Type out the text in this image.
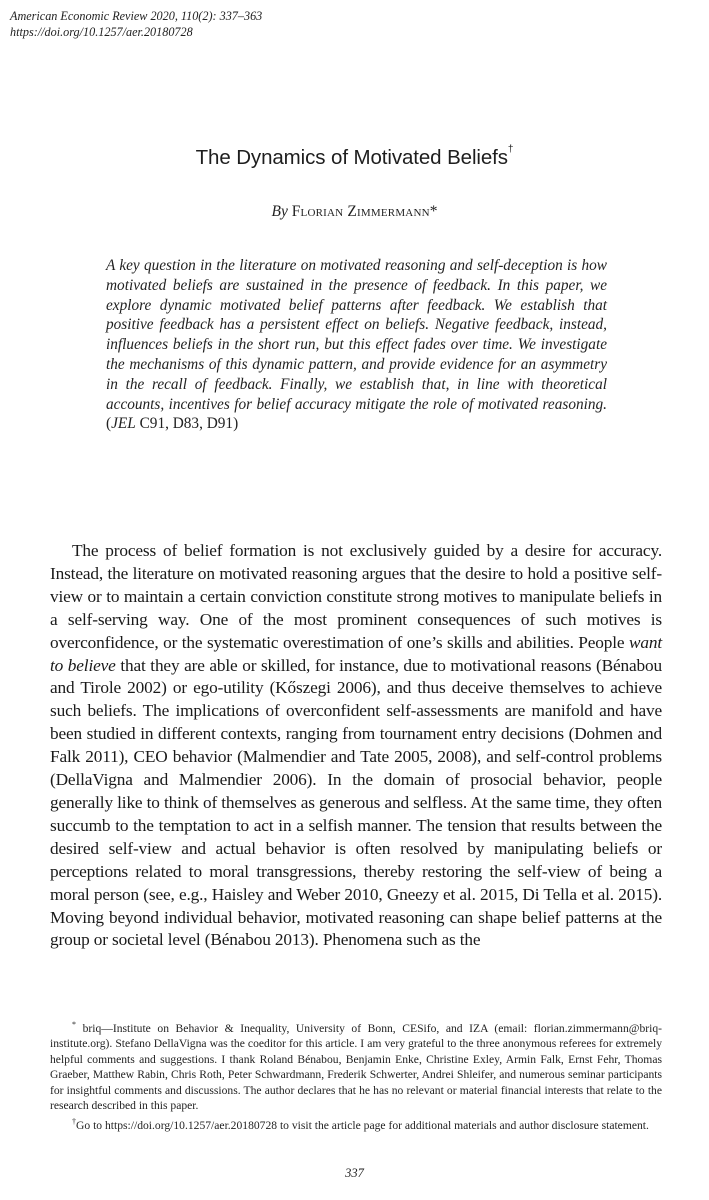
American Economic Review 2020, 110(2): 337–363
https://doi.org/10.1257/aer.20180728
The Dynamics of Motivated Beliefs†
By Florian Zimmermann*
A key question in the literature on motivated reasoning and self-deception is how motivated beliefs are sustained in the presence of feedback. In this paper, we explore dynamic motivated belief patterns after feedback. We establish that positive feedback has a persistent effect on beliefs. Negative feedback, instead, influences beliefs in the short run, but this effect fades over time. We investigate the mechanisms of this dynamic pattern, and provide evidence for an asymmetry in the recall of feedback. Finally, we establish that, in line with theoretical accounts, incentives for belief accuracy mitigate the role of motivated reasoning. (JEL C91, D83, D91)

The process of belief formation is not exclusively guided by a desire for accuracy. Instead, the literature on motivated reasoning argues that the desire to hold a positive self-view or to maintain a certain conviction constitute strong motives to manipulate beliefs in a self-serving way. One of the most prominent consequences of such motives is overconfidence, or the systematic overestimation of one’s skills and abilities. People want to believe that they are able or skilled, for instance, due to motivational reasons (Bénabou and Tirole 2002) or ego-utility (Kőszegi 2006), and thus deceive themselves to achieve such beliefs. The implications of overconfident self-assessments are manifold and have been studied in different contexts, ranging from tournament entry decisions (Dohmen and Falk 2011), CEO behavior (Malmendier and Tate 2005, 2008), and self-control problems (DellaVigna and Malmendier 2006). In the domain of prosocial behavior, people generally like to think of themselves as generous and selfless. At the same time, they often succumb to the temptation to act in a selfish manner. The tension that results between the desired self-view and actual behavior is often resolved by manipulating beliefs or perceptions related to moral transgressions, thereby restoring the self-view of being a moral person (see, e.g., Haisley and Weber 2010, Gneezy et al. 2015, Di Tella et al. 2015). Moving beyond individual behavior, motivated reasoning can shape belief patterns at the group or societal level (Bénabou 2013). Phenomena such as the

* briq—Institute on Behavior & Inequality, University of Bonn, CESifo, and IZA (email: florian.zimmermann@briq-institute.org). Stefano DellaVigna was the coeditor for this article. I am very grateful to the three anonymous referees for extremely helpful comments and suggestions. I thank Roland Bénabou, Benjamin Enke, Christine Exley, Armin Falk, Ernst Fehr, Thomas Graeber, Matthew Rabin, Chris Roth, Peter Schwardmann, Frederik Schwerter, Andrei Shleifer, and numerous seminar participants for insightful comments and discussions. The author declares that he has no relevant or material financial interests that relate to the research described in this paper.

†Go to https://doi.org/10.1257/aer.20180728 to visit the article page for additional materials and author disclosure statement.

337
